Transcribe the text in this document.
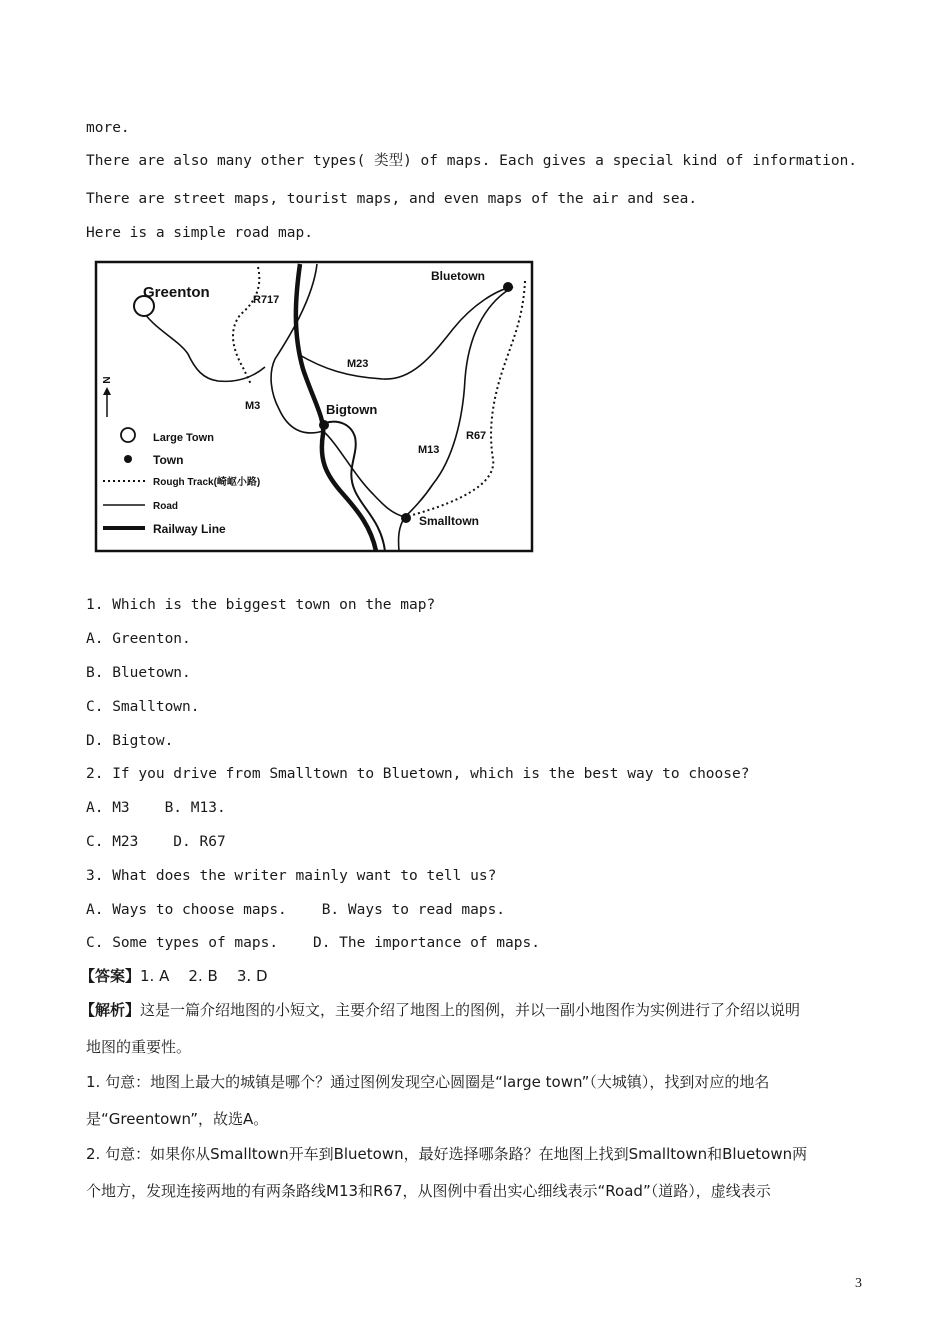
more.
There are also many other types( 类型) of maps. Each gives a special kind of information.
There are street maps, tourist maps, and even maps of the air and sea.
Here is a simple road map.
Greenton
Bluetown
Bigtown
Smalltown
R717
M23
M3
M13
R67
N
Large Town
Town
Rough Track(崎岖小路)
Road
Railway Line
1. Which is the biggest town on the map?
A. Greenton.
B. Bluetown.
C. Smalltown.
D. Bigtow.
2. If you drive from Smalltown to Bluetown, which is the best way to choose?
A. M3    B. M13.
C. M23    D. R67
3. What does the writer mainly want to tell us?
A. Ways to choose maps.    B. Ways to read maps.
C. Some types of maps.    D. The importance of maps.
【答案】1. A    2. B    3. D
【解析】这是一篇介绍地图的小短文，主要介绍了地图上的图例，并以一副小地图作为实例进行了介绍以说明
地图的重要性。
1. 句意：地图上最大的城镇是哪个？通过图例发现空心圆圈是“large town”（大城镇），找到对应的地名
是“Greentown”，故选A。
2. 句意：如果你从Smalltown开车到Bluetown，最好选择哪条路？在地图上找到Smalltown和Bluetown两
个地方，发现连接两地的有两条路线M13和R67，从图例中看出实心细线表示“Road”（道路），虚线表示
3
